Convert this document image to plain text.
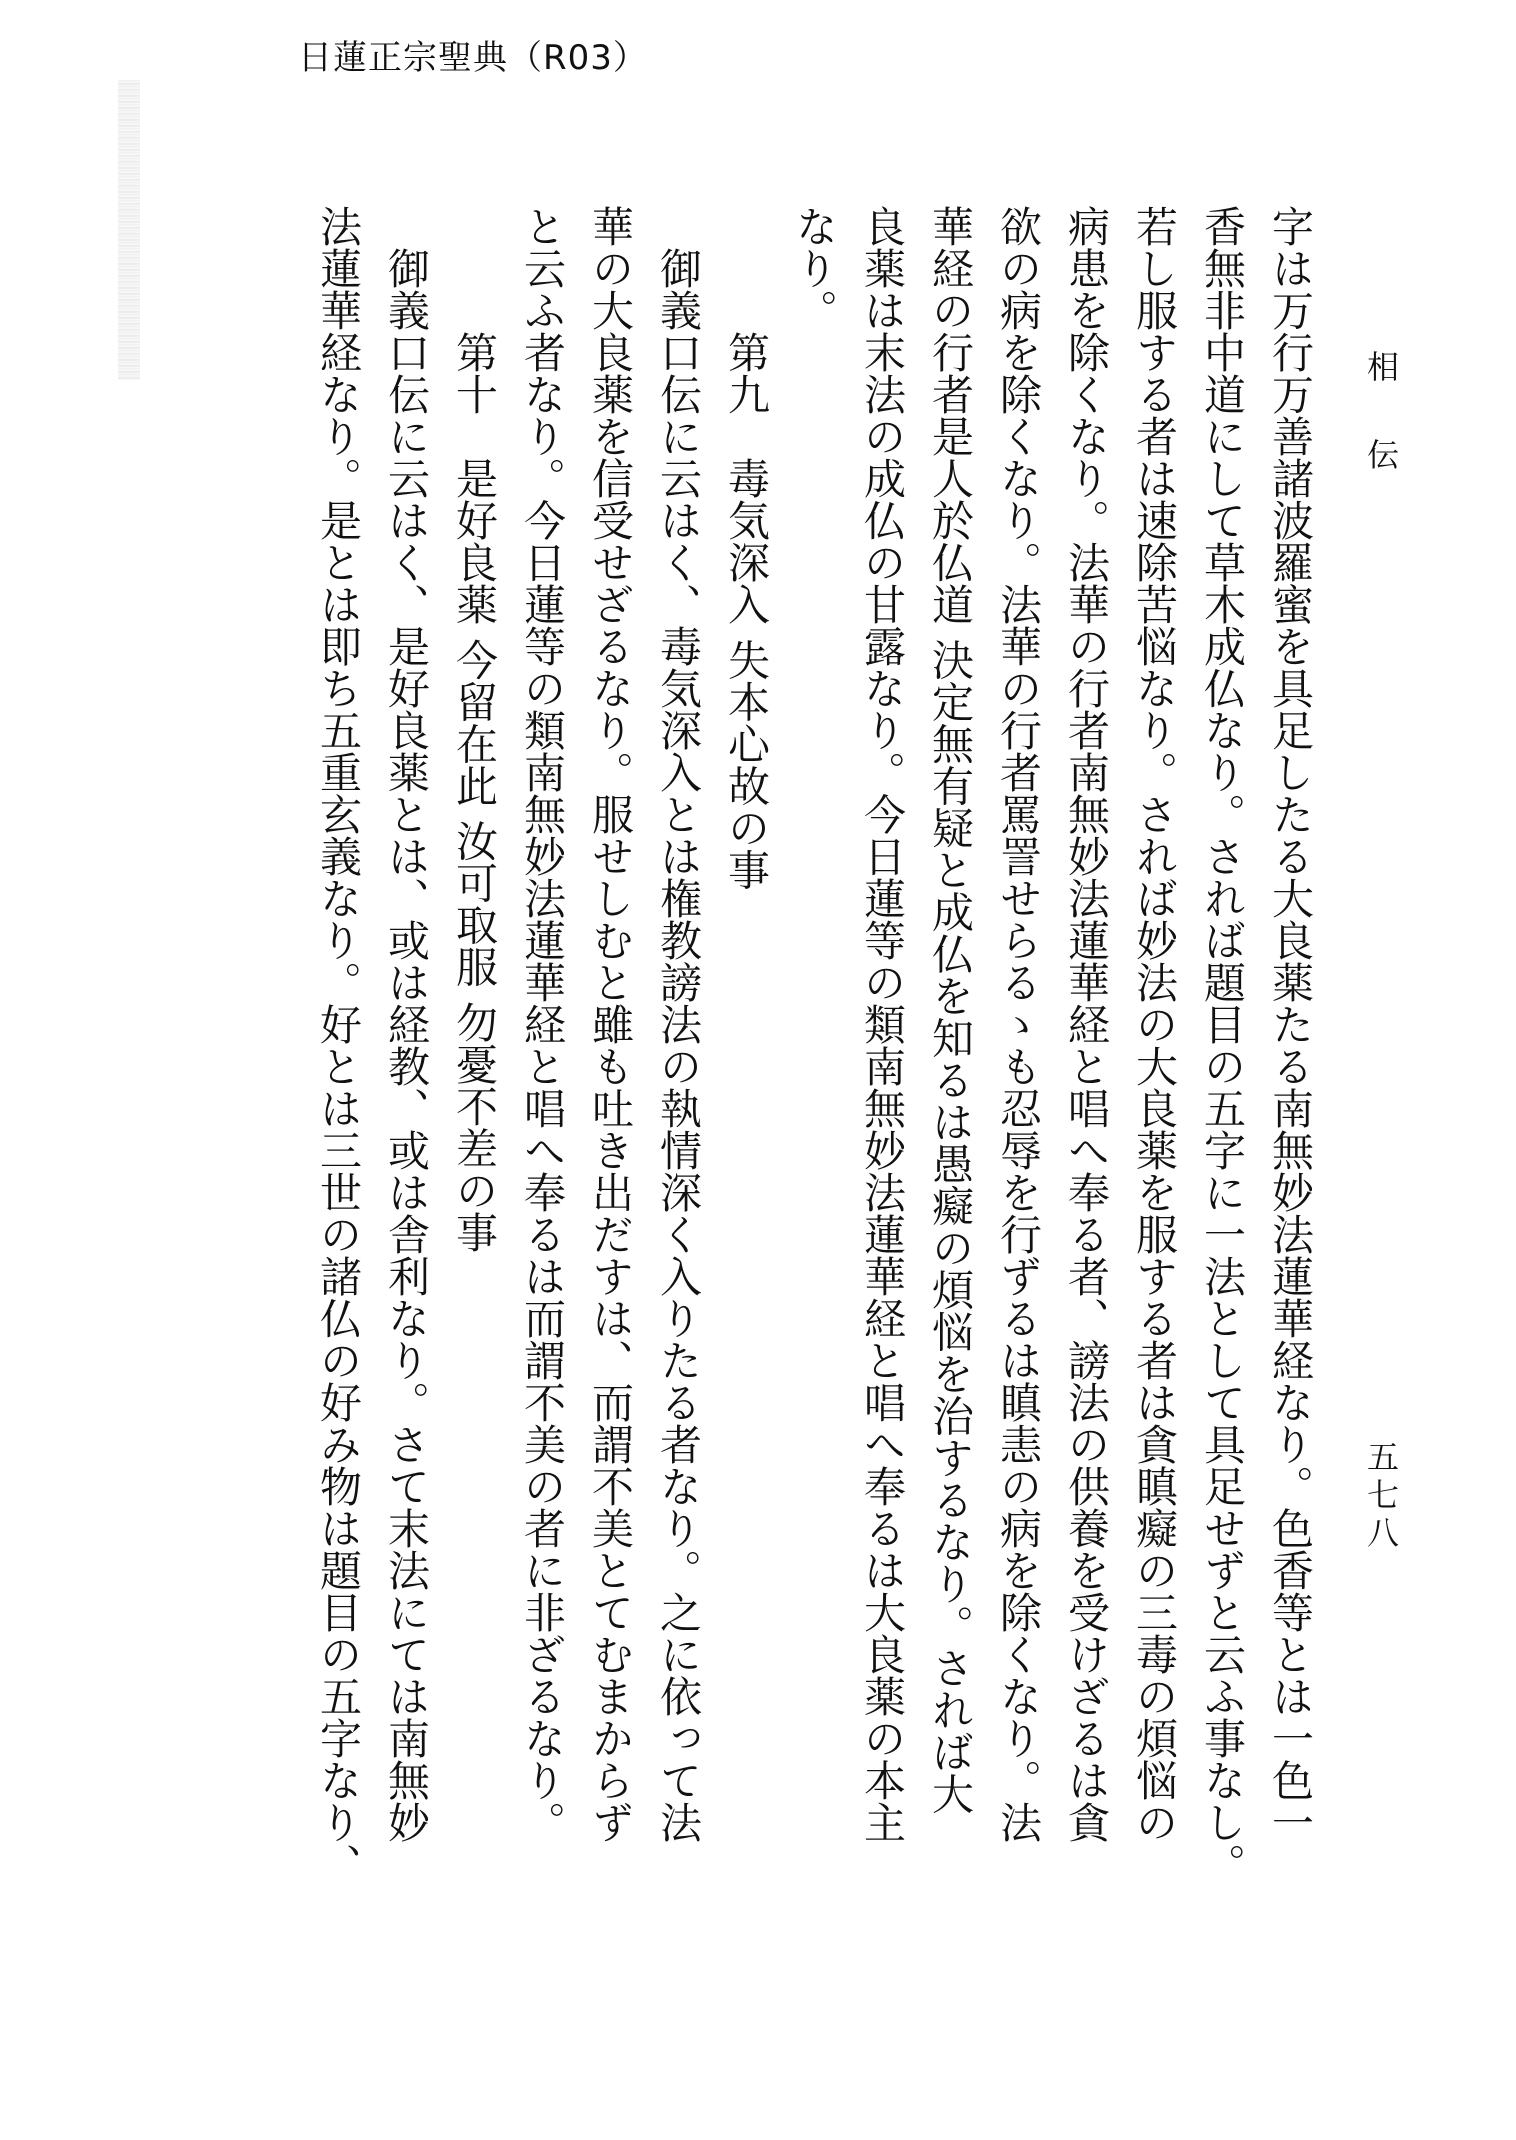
日蓮正宗聖典（R03）
相伝
五七八

字は万行万善諸波羅蜜を具足したる大良薬たる南無妙法蓮華経なり。色香等とは一色一

香無非中道にして草木成仏なり。されば題目の五字に一法として具足せずと云ふ事なし。

若し服する者は速除苦悩なり。されば妙法の大良薬を服する者は貪瞋癡の三毒の煩悩の

病患を除くなり。法華の行者南無妙法蓮華経と唱へ奉る者、謗法の供養を受けざるは貪

欲の病を除くなり。法華の行者罵詈せらるゝも忍辱を行ずるは瞋恚の病を除くなり。法

華経の行者是人於仏道 決定無有疑と成仏を知るは愚癡の煩悩を治するなり。されば大

良薬は末法の成仏の甘露なり。今日蓮等の類南無妙法蓮華経と唱へ奉るは大良薬の本主

なり。

第九　毒気深入 失本心故の事

御義口伝に云はく、毒気深入とは権教謗法の執情深く入りたる者なり。之に依って法

華の大良薬を信受せざるなり。服せしむと雖も吐き出だすは、而謂不美とてむまからず

と云ふ者なり。今日蓮等の類南無妙法蓮華経と唱へ奉るは而謂不美の者に非ざるなり。

第十　是好良薬 今留在此 汝可取服 勿憂不差の事

御義口伝に云はく、是好良薬とは、或は経教、或は舎利なり。さて末法にては南無妙

法蓮華経なり。是とは即ち五重玄義なり。好とは三世の諸仏の好み物は題目の五字なり、
